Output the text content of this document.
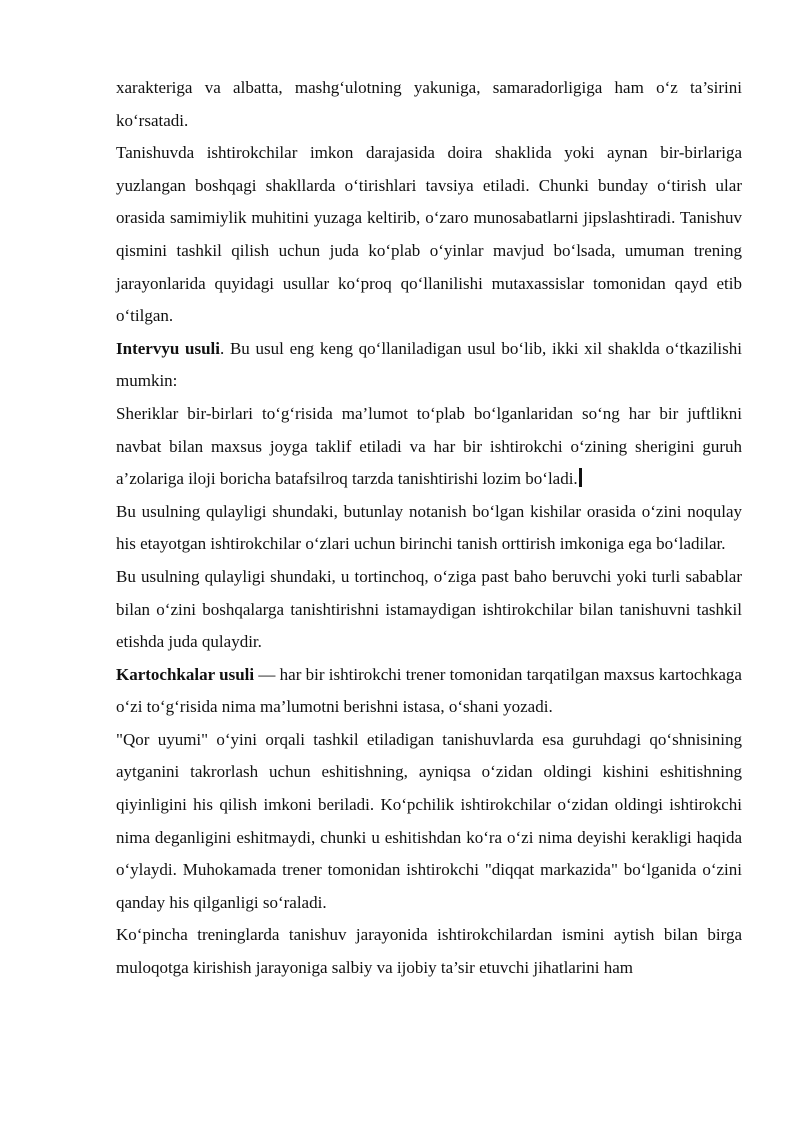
xarakteriga va albatta, mashg‘ulotning yakuniga, samaradorligiga ham o‘z ta’sirini ko‘rsatadi.

Tanishuvda ishtirokchilar imkon darajasida doira shaklida yoki aynan bir-birlariga yuzlangan boshqagi shakllarda o‘tirishlari tavsiya etiladi. Chunki bunday o‘tirish ular orasida samimiylik muhitini yuzaga keltirib, o‘zaro munosabatlarni jipslashtiradi. Tanishuv qismini tashkil qilish uchun juda ko‘plab o‘yinlar mavjud bo‘lsada, umuman trening jarayonlarida quyidagi usullar ko‘proq qo‘llanilishi mutaxassislar tomonidan qayd etib o‘tilgan.

Intervyu usuli. Bu usul eng keng qo‘llaniladigan usul bo‘lib, ikki xil shaklda o‘tkazilishi mumkin:

Sheriklar bir-birlari to‘g‘risida ma’lumot to‘plab bo‘lganlaridan so‘ng har bir juftlikni navbat bilan maxsus joyga taklif etiladi va har bir ishtirokchi o‘zining sherigini guruh a’zolariga iloji boricha batafsilroq tarzda tanishtirishi lozim bo‘ladi.

Bu usulning qulayligi shundaki, butunlay notanish bo‘lgan kishilar orasida o‘zini noqulay his etayotgan ishtirokchilar o‘zlari uchun birinchi tanish orttirish imkoniga ega bo‘ladilar.

Bu usulning qulayligi shundaki, u tortinchoq, o‘ziga past baho beruvchi yoki turli sabablar bilan o‘zini boshqalarga tanishtirishni istamaydigan ishtirokchilar bilan tanishuvni tashkil etishda juda qulaydir.

Kartochkalar usuli — har bir ishtirokchi trener tomonidan tarqatilgan maxsus kartochkaga o‘zi to‘g‘risida nima ma’lumotni berishni istasa, o‘shani yozadi.

"Qor uyumi" o‘yini orqali tashkil etiladigan tanishuvlarda esa guruhdagi qo‘shnisining aytganini takrorlash uchun eshitishning, ayniqsa o‘zidan oldingi kishini eshitishning qiyinligini his qilish imkoni beriladi. Ko‘pchilik ishtirokchilar o‘zidan oldingi ishtirokchi nima deganligini eshitmaydi, chunki u eshitishdan ko‘ra o‘zi nima deyishi kerakligi haqida o‘ylaydi. Muhokamada trener tomonidan ishtirokchi "diqqat markazida" bo‘lganida o‘zini qanday his qilganligi so‘raladi.

Ko‘pincha treninglarda tanishuv jarayonida ishtirokchilardan ismini aytish bilan birga muloqotga kirishish jarayoniga salbiy va ijobiy ta’sir etuvchi jihatlarini ham
